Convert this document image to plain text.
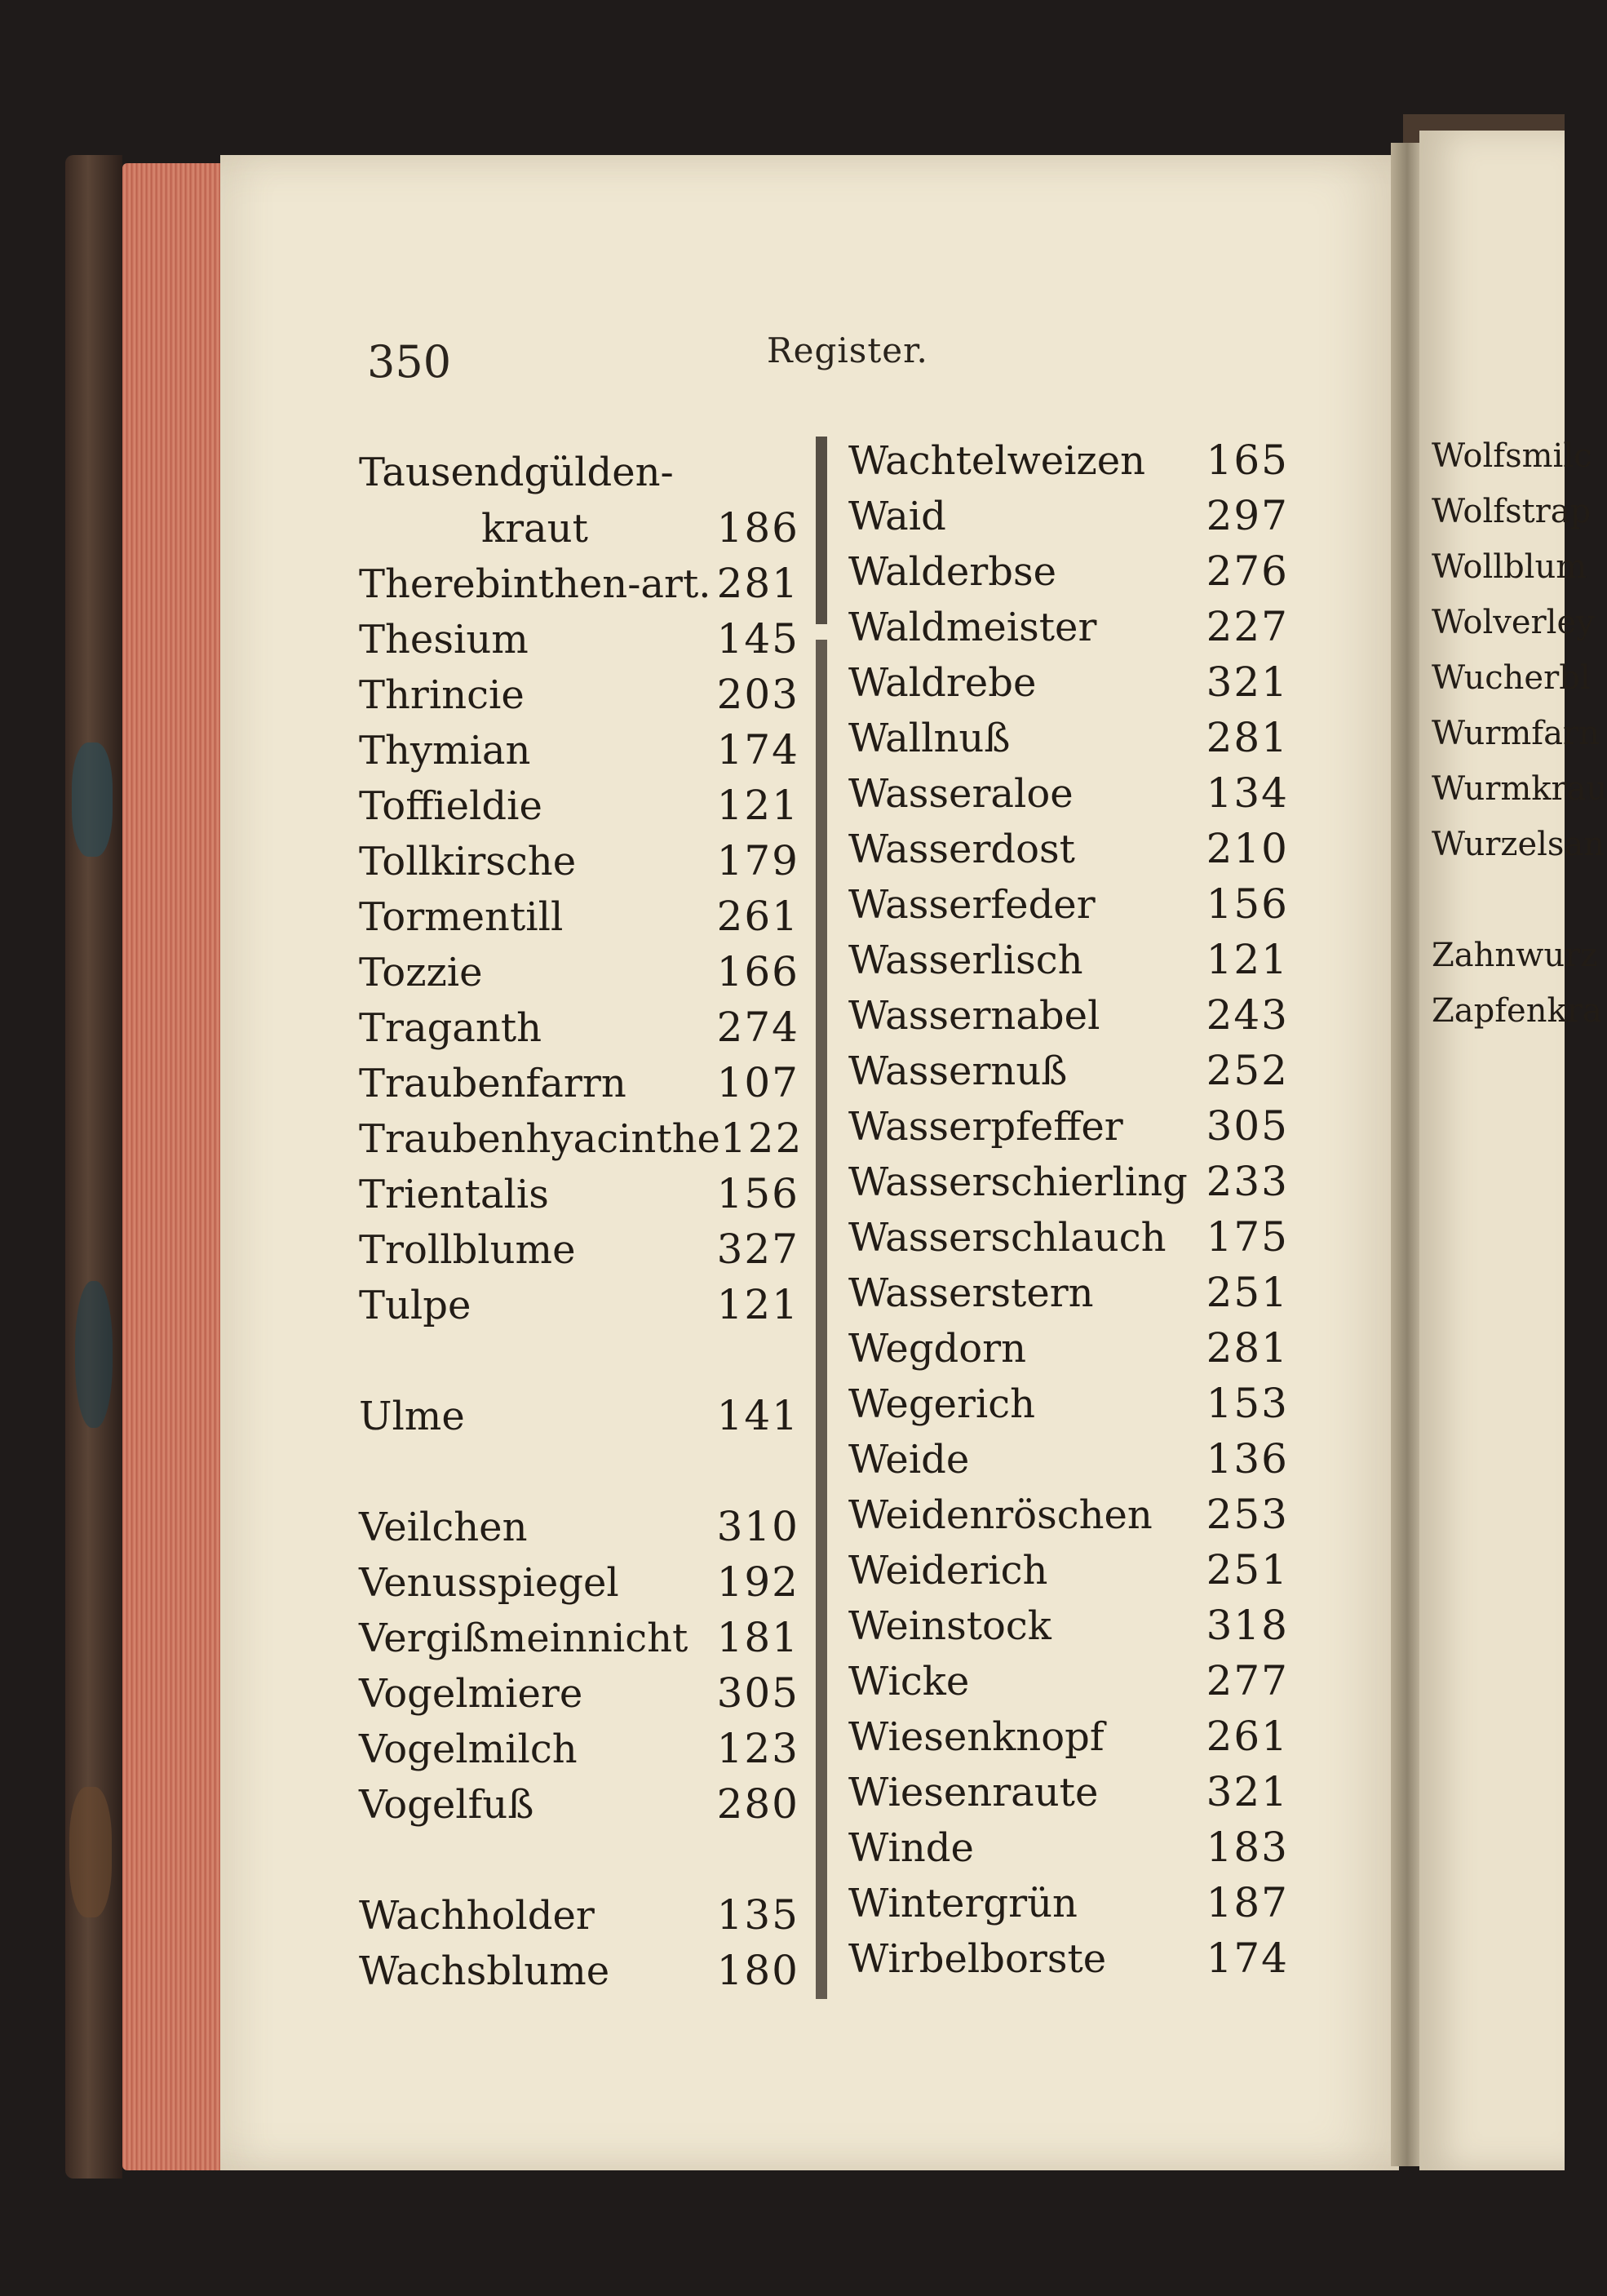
350	Register.
Tausendgülden-
kraut	186
Therebinthen-art. 281
Thesium	145
Thrincie	203
Thymian	174
Toffieldie	121
Tollkirsche	179
Tormentill	261
Tozzie	166
Traganth	274
Traubenfarrn 107
Traubenhyacinthe 122
Trientalis	156
Trollblume	327
Tulpe	121
Ulme	141
Veilchen	310
Venusspiegel 192
Vergißmeinnicht 181
Vogelmiere	305
Vogelmilch	123
Vogelfuß	280
Wachholder	135
Wachsblume	180
Wachtelweizen 165
Waid	297
Walderbse	276
Waldmeister	227
Waldrebe	321
Wallnuß	281
Wasseraloe	134
Wasserdost	210
Wasserfeder	156
Wasserlisch	121
Wassernabel	243
Wassernuß	252
Wasserpfeffer 305
Wasserschierling 233
Wasserschlauch 175
Wasserstern	251
Wegdorn	281
Wegerich	153
Weide	136
Weidenröschen 253
Weiderich	251
Weinstock	318
Wicke	277
Wiesenknopf 261
Wiesenraute	321
Winde	183
Wintergrün	187
Wirbelborste 174
Wolfsmilc
Wolfstrap
Wollblum
Wolverley
Wucherbl
Wurmfarn
Wurmkrau
Wurzelsan
Zahnwurz
Zapfenkra
